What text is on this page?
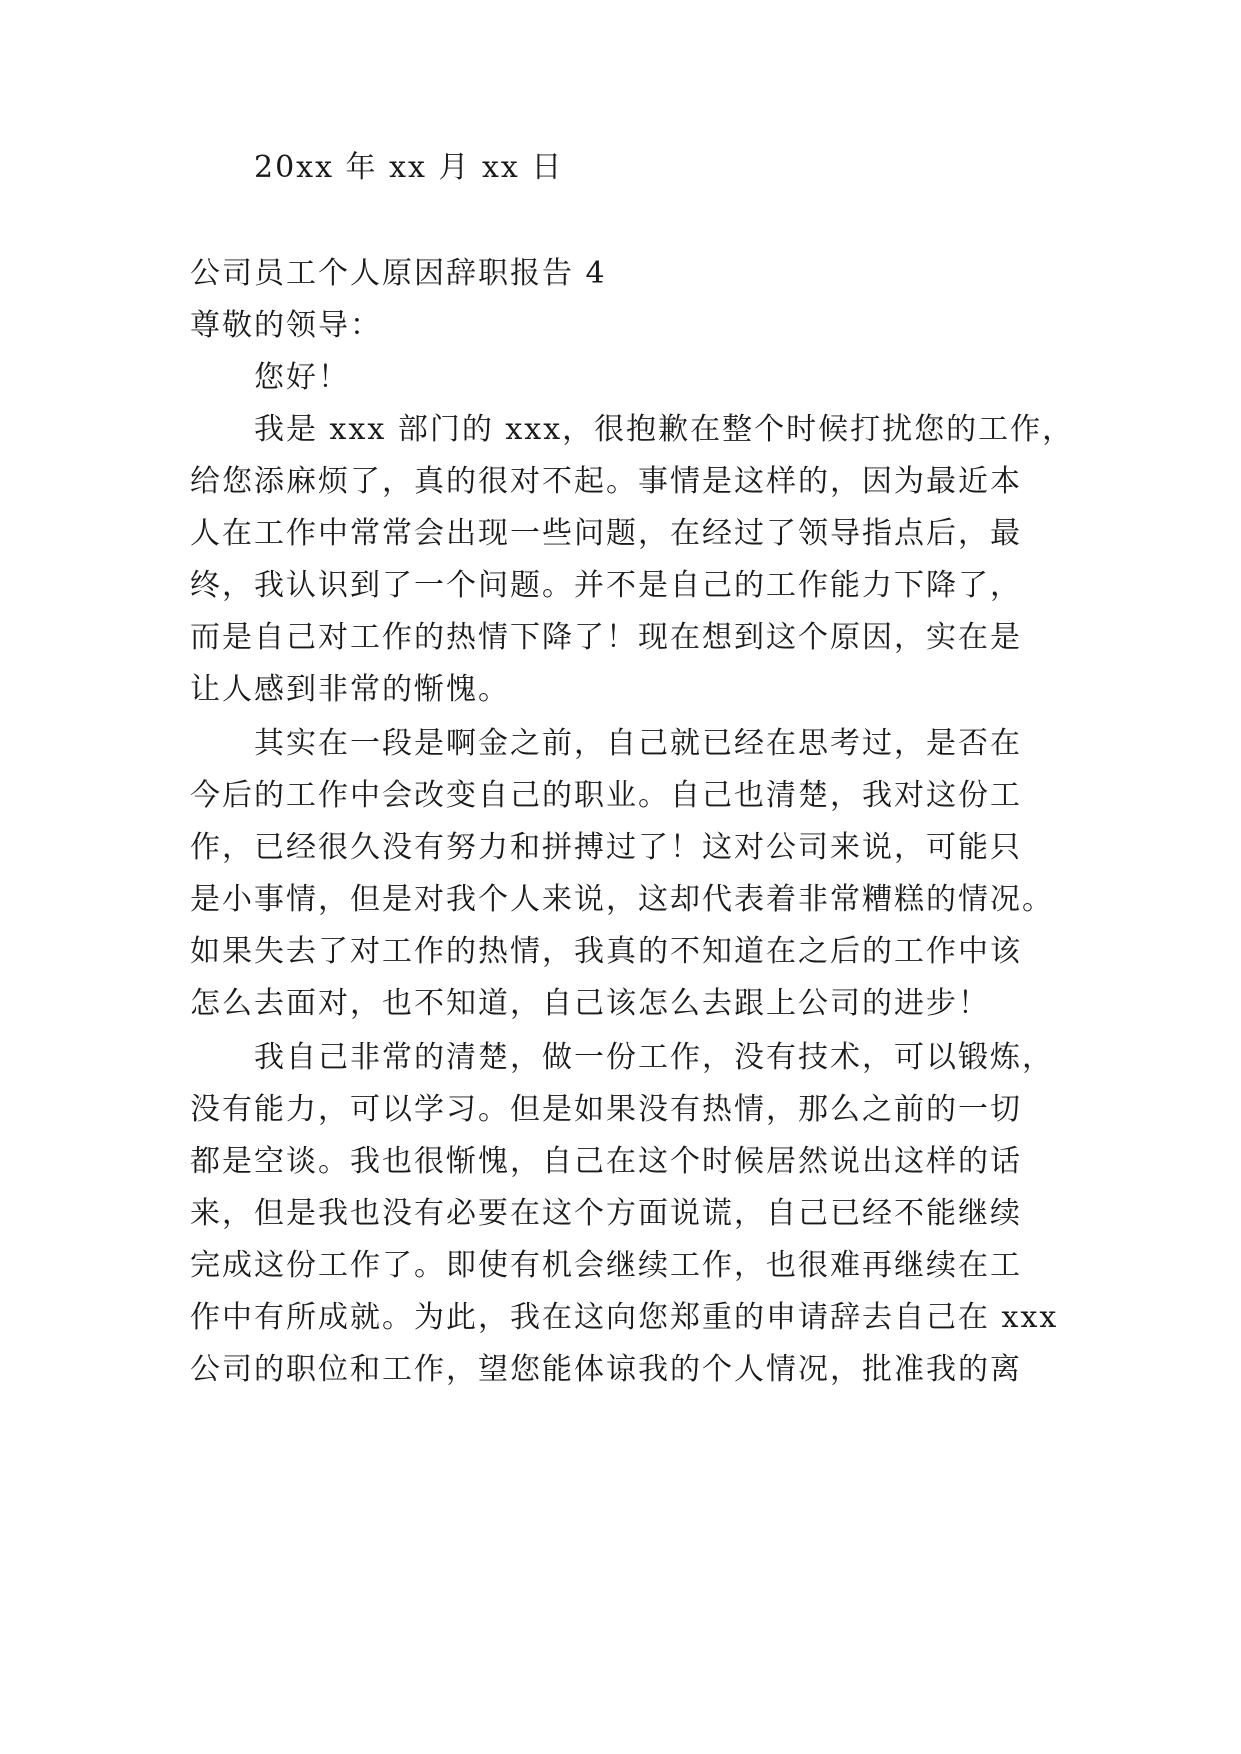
20xx 年 xx 月 xx 日
公司员工个人原因辞职报告 4
尊敬的领导：
您好！
我是 xxx 部门的 xxx，很抱歉在整个时候打扰您的工作，
给您添麻烦了，真的很对不起。事情是这样的，因为最近本
人在工作中常常会出现一些问题，在经过了领导指点后，最
终，我认识到了一个问题。并不是自己的工作能力下降了，
而是自己对工作的热情下降了！现在想到这个原因，实在是
让人感到非常的惭愧。
其实在一段是啊金之前，自己就已经在思考过，是否在
今后的工作中会改变自己的职业。自己也清楚，我对这份工
作，已经很久没有努力和拼搏过了！这对公司来说，可能只
是小事情，但是对我个人来说，这却代表着非常糟糕的情况。
如果失去了对工作的热情，我真的不知道在之后的工作中该
怎么去面对，也不知道，自己该怎么去跟上公司的进步！
我自己非常的清楚，做一份工作，没有技术，可以锻炼，
没有能力，可以学习。但是如果没有热情，那么之前的一切
都是空谈。我也很惭愧，自己在这个时候居然说出这样的话
来，但是我也没有必要在这个方面说谎，自己已经不能继续
完成这份工作了。即使有机会继续工作，也很难再继续在工
作中有所成就。为此，我在这向您郑重的申请辞去自己在 xxx
公司的职位和工作，望您能体谅我的个人情况，批准我的离
